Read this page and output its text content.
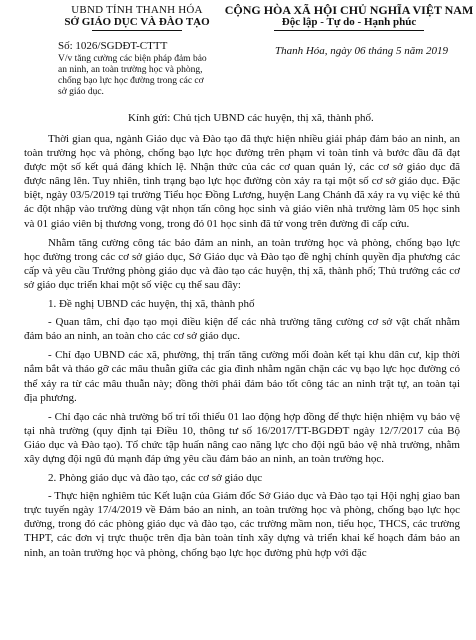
UBND TỈNH THANH HÓA
SỞ GIÁO DỤC VÀ ĐÀO TẠO
CỘNG HÒA XÃ HỘI CHỦ NGHĨA VIỆT NAM
Độc lập - Tự do - Hạnh phúc
Số: 1026/SGDĐT-CTTT
V/v tăng cường các biện pháp đảm bảo an ninh, an toàn trường học và phòng, chống bạo lực học đường trong các cơ sở giáo dục.
Thanh Hóa, ngày 06 tháng 5 năm 2019
Kính gửi: Chủ tịch UBND các huyện, thị xã, thành phố.

Thời gian qua, ngành Giáo dục và Đào tạo đã thực hiện nhiều giải pháp đảm bảo an ninh, an toàn trường học và phòng, chống bạo lực học đường trên phạm vi toàn tỉnh và bước đầu đã đạt được một số kết quả đáng khích lệ. Nhận thức của các cơ quan quản lý, các cơ sở giáo dục đã được nâng lên. Tuy nhiên, tình trạng bạo lực học đường còn xảy ra tại một số cơ sở giáo dục. Đặc biệt, ngày 03/5/2019 tại trường Tiểu học Đồng Lương, huyện Lang Chánh đã xảy ra vụ việc kẻ thủ ác đột nhập vào trường dùng vật nhọn tấn công học sinh và giáo viên nhà trường làm 05 học sinh và 01 giáo viên bị thương vong, trong đó 01 học sinh đã tử vong trên đường đi cấp cứu.

Nhằm tăng cường công tác bảo đảm an ninh, an toàn trường học và phòng, chống bạo lực học đường trong các cơ sở giáo dục, Sở Giáo dục và Đào tạo đề nghị chính quyền địa phương các cấp và yêu cầu Trưởng phòng giáo dục và đào tạo các huyện, thị xã, thành phố; Thủ trưởng các cơ sở giáo dục triển khai một số việc cụ thể sau đây:

1. Đề nghị UBND các huyện, thị xã, thành phố

- Quan tâm, chỉ đạo tạo mọi điều kiện để các nhà trường tăng cường cơ sở vật chất nhằm đảm bảo an ninh, an toàn cho các cơ sở giáo dục.

- Chỉ đạo UBND các xã, phường, thị trấn tăng cường mối đoàn kết tại khu dân cư, kịp thời nắm bắt và tháo gỡ các mâu thuẫn giữa các gia đình nhằm ngăn chặn các vụ bạo lực học đường có thể xảy ra từ các mâu thuẫn này; đồng thời phải đảm bảo tốt công tác an ninh trật tự, an toàn tại địa phương.

- Chỉ đạo các nhà trường bố trí tối thiểu 01 lao động hợp đồng để thực hiện nhiệm vụ bảo vệ tại nhà trường (quy định tại Điều 10, thông tư số 16/2017/TT-BGDĐT ngày 12/7/2017 của Bộ Giáo dục và Đào tạo). Tổ chức tập huấn nâng cao năng lực cho đội ngũ bảo vệ nhà trường, nhằm xây dựng đội ngũ đủ mạnh đáp ứng yêu cầu đảm bảo an ninh, an toàn trường học.

2. Phòng giáo dục và đào tạo, các cơ sở giáo dục

- Thực hiện nghiêm túc Kết luận của Giám đốc Sở Giáo dục và Đào tạo tại Hội nghị giao ban trực tuyến ngày 17/4/2019 về Đảm bảo an ninh, an toàn trường học và phòng, chống bạo lực học đường, trong đó các phòng giáo dục và đào tạo, các trường mầm non, tiểu học, THCS, các trường THPT, các đơn vị trực thuộc trên địa bàn toàn tỉnh xây dựng và triển khai kế hoạch đảm bảo an ninh, an toàn trường học và phòng, chống bạo lực học đường phù hợp với đặc
